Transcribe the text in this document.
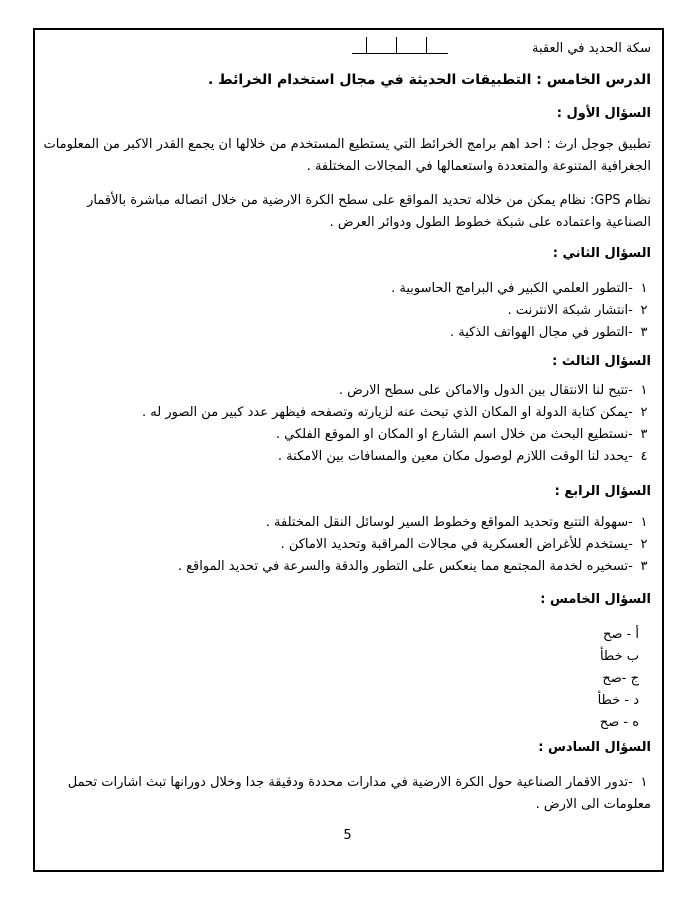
سكة الحديد في العقبة
الدرس الخامس : التطبيقات الحديثة في مجال استخدام الخرائط .
السؤال الأول :
تطبيق جوجل ارث : احد اهم برامج الخرائط التي يستطيع المستخدم من خلالها ان يجمع القدر الاكبر من المعلومات الجغرافية المتنوعة والمتعددة واستعمالها في المجالات المختلفة .
نظام GPS: نظام يمكن من خلاله تحديد المواقع على سطح الكرة الارضية من خلال اتصاله مباشرة بالأقمار الصناعية واعتماده على شبكة خطوط الطول ودوائر العرض .
السؤال الثاني :
١ -التطور العلمي الكبير في البرامج الحاسوبية .
٢ -انتشار شبكة الانترنت .
٣ -التطور في مجال الهواتف الذكية .
السؤال الثالث :
١ -تتيح لنا الانتقال بين الدول والاماكن على سطح الارض .
٢ -يمكن كتابة الدولة او المكان الذي تبحث عنه لزيارته وتصفحه فيظهر عدد كبير من الصور له .
٣ -نستطيع البحث من خلال اسم الشارع او المكان او الموقع الفلكي .
٤ -يحدد لنا الوقت اللازم لوصول مكان معين والمسافات بين الامكنة .
السؤال الرابع :
١ -سهولة التتبع وتحديد المواقع وخطوط السير لوسائل النقل المختلفة .
٢ -يستخدم للأغراض العسكرية في مجالات المراقبة وتحديد الاماكن .
٣ -تسخيره لخدمة المجتمع مما ينعكس على التطور والدقة والسرعة في تحديد المواقع .
السؤال الخامس :
أ - صح
ب خطأ
ج -صح
د - خطأ
ه - صح
السؤال السادس :
١ -تدور الاقمار الصناعية حول الكرة الارضية في مدارات محددة ودقيقة جدا وخلال دورانها تبث اشارات تحمل معلومات الى الارض .
5
